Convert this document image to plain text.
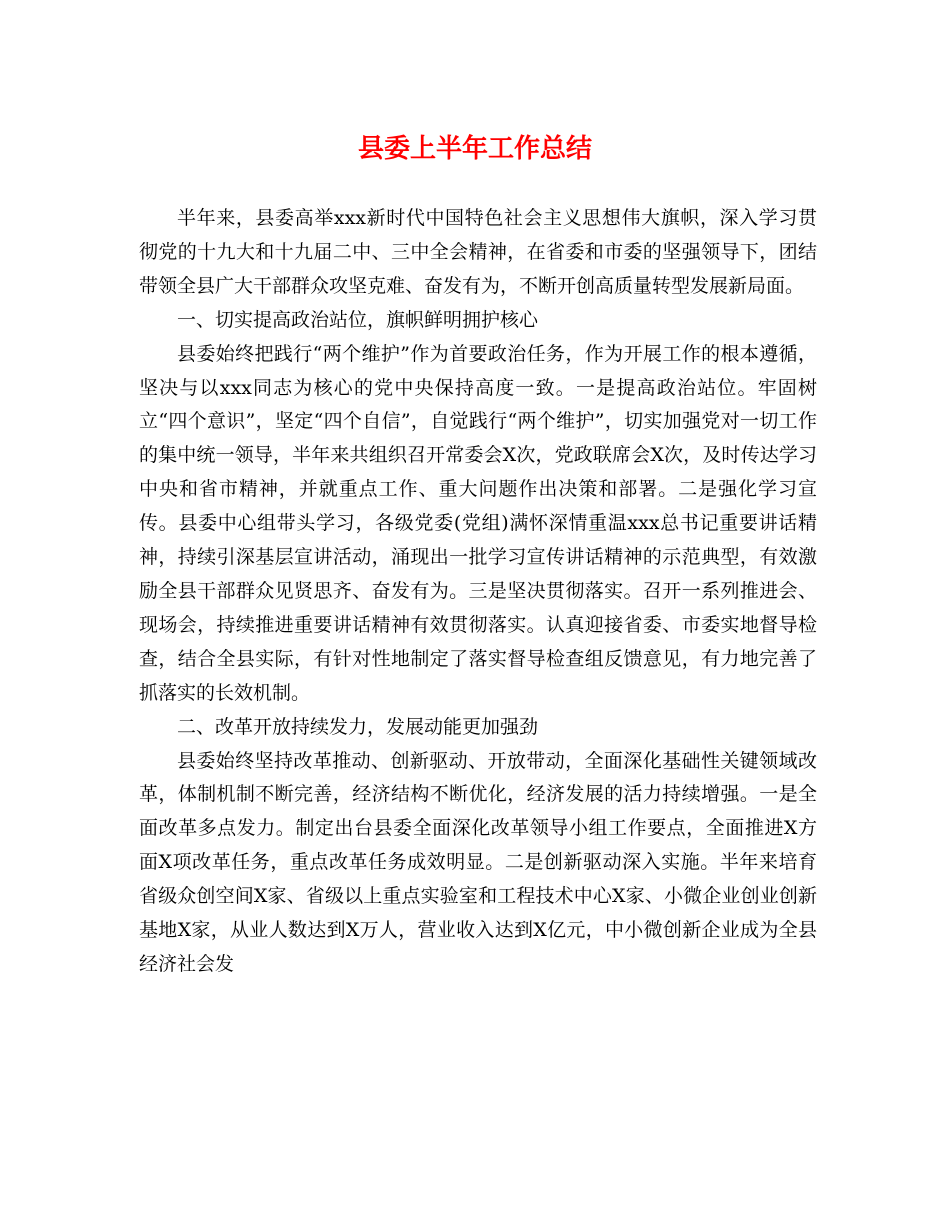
县委上半年工作总结

半年来，县委高举xxx新时代中国特色社会主义思想伟大旗帜，深入学习贯彻党的十九大和十九届二中、三中全会精神，在省委和市委的坚强领导下，团结带领全县广大干部群众攻坚克难、奋发有为，不断开创高质量转型发展新局面。

一、切实提高政治站位，旗帜鲜明拥护核心

县委始终把践行“两个维护”作为首要政治任务，作为开展工作的根本遵循，坚决与以xxx同志为核心的党中央保持高度一致。一是提高政治站位。牢固树立“四个意识”，坚定“四个自信”，自觉践行“两个维护”，切实加强党对一切工作的集中统一领导，半年来共组织召开常委会X次，党政联席会X次，及时传达学习中央和省市精神，并就重点工作、重大问题作出决策和部署。二是强化学习宣传。县委中心组带头学习，各级党委(党组)满怀深情重温xxx总书记重要讲话精神，持续引深基层宣讲活动，涌现出一批学习宣传讲话精神的示范典型，有效激励全县干部群众见贤思齐、奋发有为。三是坚决贯彻落实。召开一系列推进会、现场会，持续推进重要讲话精神有效贯彻落实。认真迎接省委、市委实地督导检查，结合全县实际，有针对性地制定了落实督导检查组反馈意见，有力地完善了抓落实的长效机制。

二、改革开放持续发力，发展动能更加强劲

县委始终坚持改革推动、创新驱动、开放带动，全面深化基础性关键领域改革，体制机制不断完善，经济结构不断优化，经济发展的活力持续增强。一是全面改革多点发力。制定出台县委全面深化改革领导小组工作要点，全面推进X方面X项改革任务，重点改革任务成效明显。二是创新驱动深入实施。半年来培育省级众创空间X家、省级以上重点实验室和工程技术中心X家、小微企业创业创新基地X家，从业人数达到X万人，营业收入达到X亿元，中小微创新企业成为全县经济社会发
